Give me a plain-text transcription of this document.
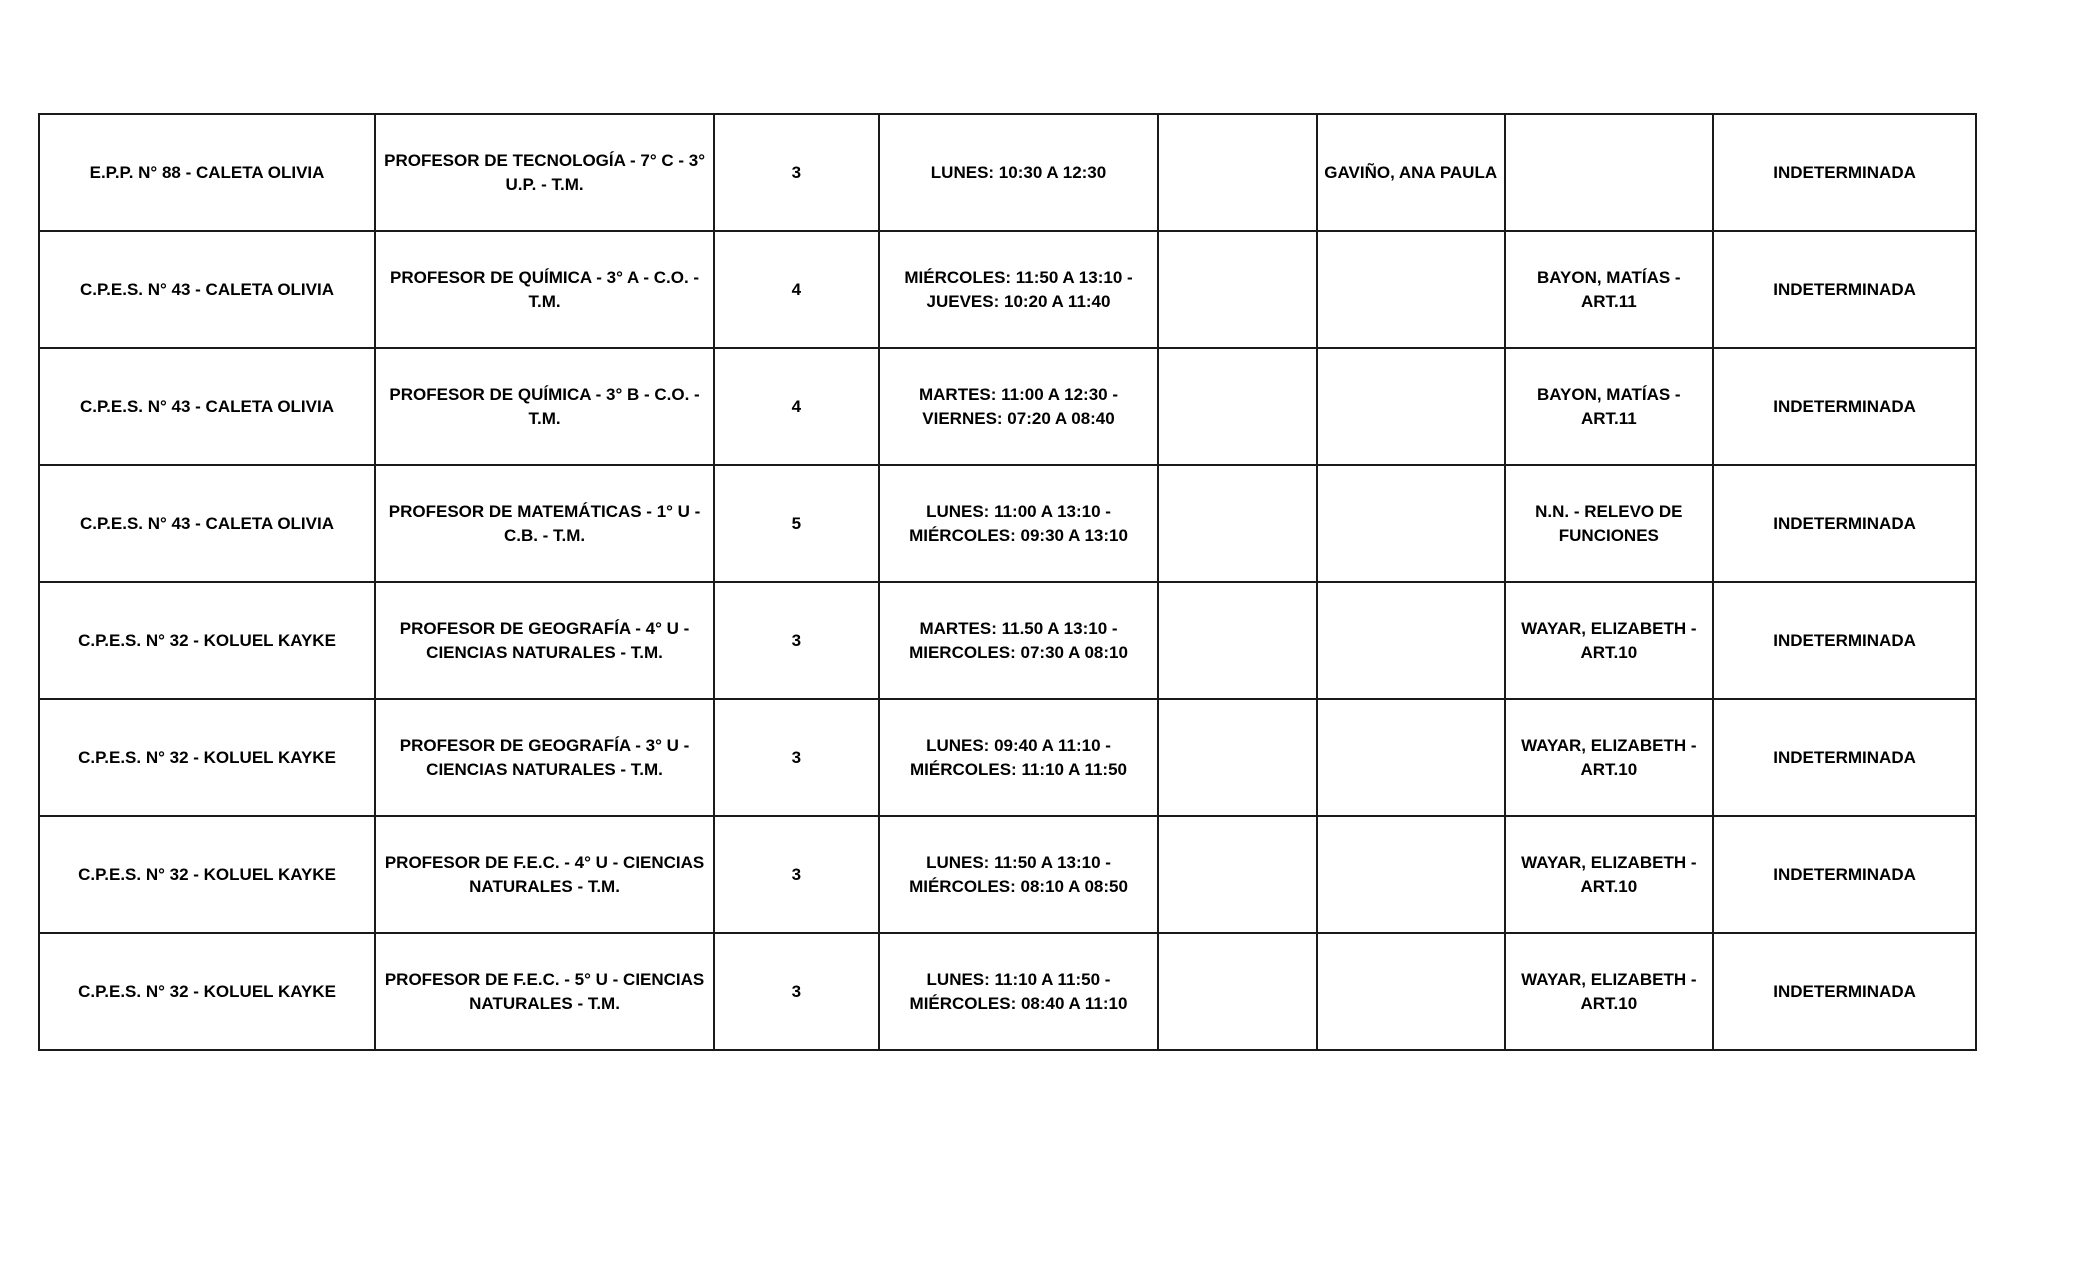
E.P.P. N° 88 - CALETA OLIVIA	PROFESOR DE TECNOLOGÍA - 7° C - 3° U.P. - T.M.	3	LUNES: 10:30 A 12:30		GAVIÑO, ANA PAULA		INDETERMINADA
C.P.E.S. N° 43 - CALETA OLIVIA	PROFESOR DE QUÍMICA - 3° A - C.O. - T.M.	4	MIÉRCOLES: 11:50 A 13:10 - JUEVES: 10:20 A 11:40			BAYON, MATÍAS - ART.11	INDETERMINADA
C.P.E.S. N° 43 - CALETA OLIVIA	PROFESOR DE QUÍMICA - 3° B - C.O. - T.M.	4	MARTES: 11:00 A 12:30 - VIERNES: 07:20 A 08:40			BAYON, MATÍAS - ART.11	INDETERMINADA
C.P.E.S. N° 43 - CALETA OLIVIA	PROFESOR DE MATEMÁTICAS - 1° U - C.B. - T.M.	5	LUNES: 11:00 A 13:10 - MIÉRCOLES: 09:30 A 13:10			N.N. - RELEVO DE FUNCIONES	INDETERMINADA
C.P.E.S. N° 32 - KOLUEL KAYKE	PROFESOR DE GEOGRAFÍA - 4° U - CIENCIAS NATURALES - T.M.	3	MARTES: 11.50 A 13:10 - MIERCOLES: 07:30 A 08:10			WAYAR, ELIZABETH - ART.10	INDETERMINADA
C.P.E.S. N° 32 - KOLUEL KAYKE	PROFESOR DE GEOGRAFÍA - 3° U - CIENCIAS NATURALES - T.M.	3	LUNES: 09:40 A 11:10 - MIÉRCOLES: 11:10 A 11:50			WAYAR, ELIZABETH - ART.10	INDETERMINADA
C.P.E.S. N° 32 - KOLUEL KAYKE	PROFESOR DE F.E.C. - 4° U - CIENCIAS NATURALES - T.M.	3	LUNES: 11:50 A 13:10 - MIÉRCOLES: 08:10 A 08:50			WAYAR, ELIZABETH - ART.10	INDETERMINADA
C.P.E.S. N° 32 - KOLUEL KAYKE	PROFESOR DE F.E.C. - 5° U - CIENCIAS NATURALES - T.M.	3	LUNES: 11:10 A 11:50 - MIÉRCOLES: 08:40 A 11:10			WAYAR, ELIZABETH - ART.10	INDETERMINADA
